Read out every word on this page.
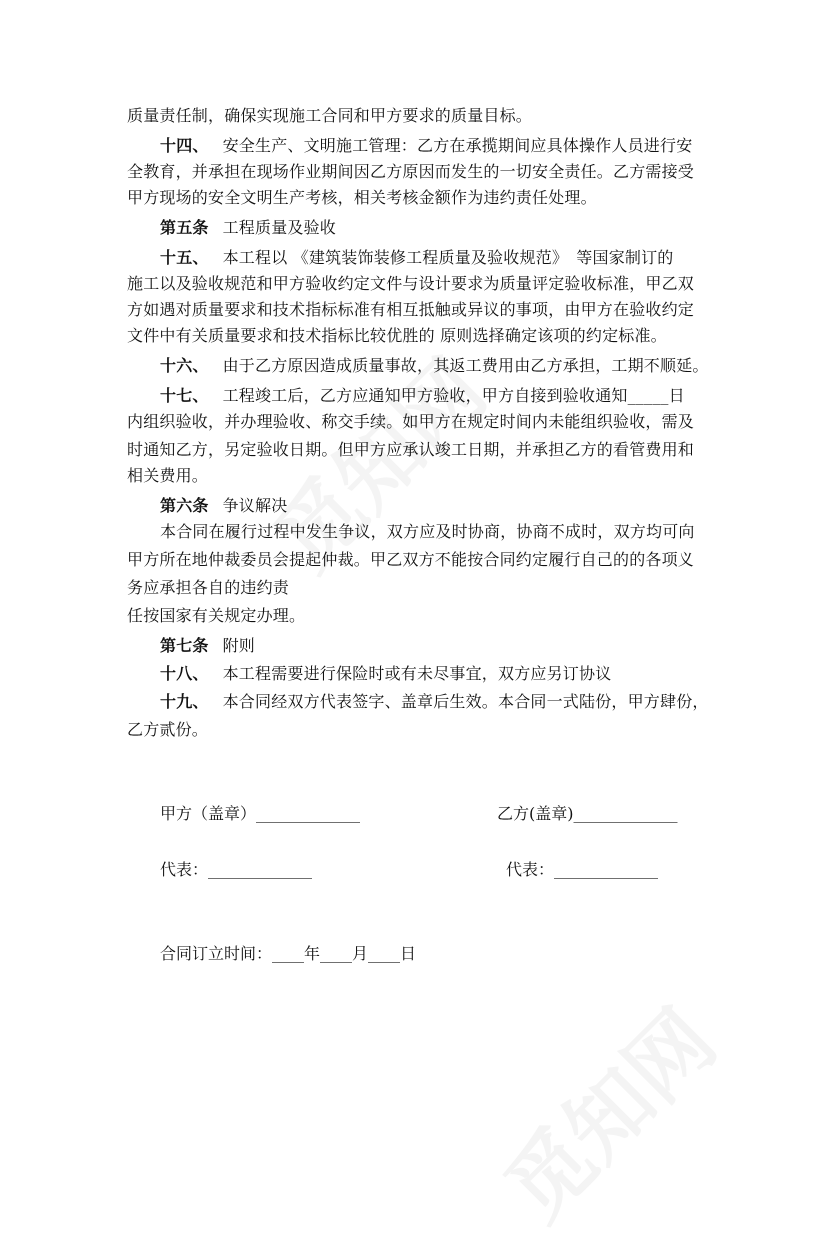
质量责任制，确保实现施工合同和甲方要求的质量目标。
十四、 安全生产、文明施工管理：乙方在承揽期间应具体操作人员进行安
全教育，并承担在现场作业期间因乙方原因而发生的一切安全责任。乙方需接受
甲方现场的安全文明生产考核，相关考核金额作为违约责任处理。
第五条 工程质量及验收
十五、 本工程以 《建筑装饰装修工程质量及验收规范》　等国家制订的
施工以及验收规范和甲方验收约定文件与设计要求为质量评定验收标准，甲乙双
方如遇对质量要求和技术指标标准有相互抵触或异议的事项，由甲方在验收约定
文件中有关质量要求和技术指标比较优胜的 原则选择确定该项的约定标准。
十六、 由于乙方原因造成质量事故，其返工费用由乙方承担，工期不顺延。
十七、 工程竣工后，乙方应通知甲方验收，甲方自接到验收通知_____日
内组织验收，并办理验收、称交手续。如甲方在规定时间内未能组织验收，需及
时通知乙方，另定验收日期。但甲方应承认竣工日期，并承担乙方的看管费用和
相关费用。
第六条 争议解决
本合同在履行过程中发生争议，双方应及时协商，协商不成时，双方均可向
甲方所在地仲裁委员会提起仲裁。甲乙双方不能按合同约定履行自己的的各项义
务应承担各自的违约责
任按国家有关规定办理。
第七条 附则
十八、 本工程需要进行保险时或有未尽事宜，双方应另订协议
十九、 本合同经双方代表签字、盖章后生效。本合同一式陆份，甲方肆份，
乙方贰份。
甲方（盖章）_____________	乙方(盖章)_____________
代表：_____________	代表：_____________
合同订立时间：____年____月____日
